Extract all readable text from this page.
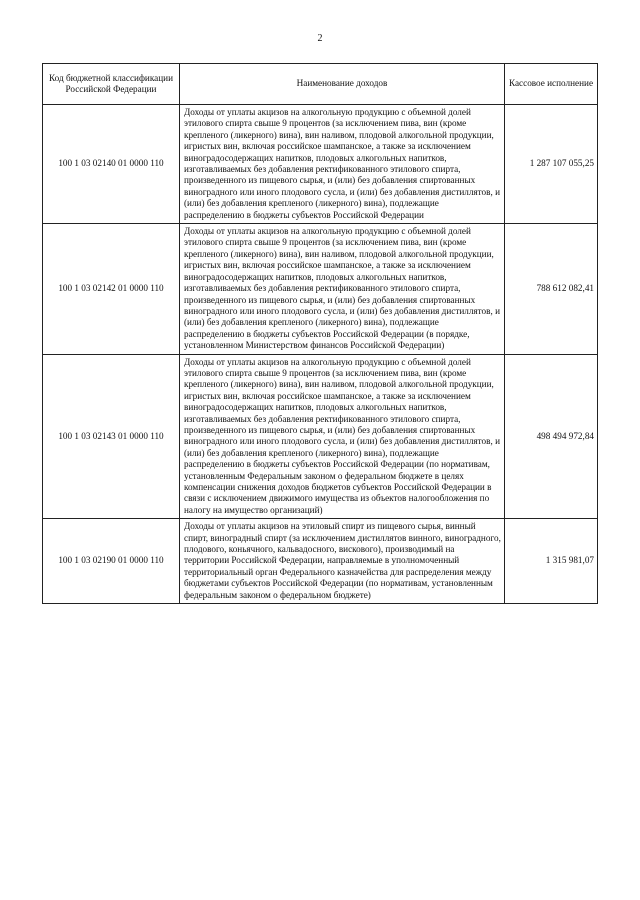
2
Код бюджетной классификации Российской Федерации	Наименование доходов	Кассовое исполнение
100 1 03 02140 01 0000 110	Доходы от уплаты акцизов на алкогольную продукцию с объемной долей этилового спирта свыше 9 процентов (за исключением пива, вин (кроме крепленого (ликерного) вина), вин наливом, плодовой алкогольной продукции, игристых вин, включая российское шампанское, а также за исключением виноградосодержащих напитков, плодовых алкогольных напитков, изготавливаемых без добавления ректификованного этилового спирта, произведенного из пищевого сырья, и (или) без добавления спиртованных виноградного или иного плодового сусла, и (или) без добавления дистиллятов, и (или) без добавления крепленого (ликерного) вина), подлежащие распределению в бюджеты субъектов Российской Федерации	1 287 107 055,25
100 1 03 02142 01 0000 110	Доходы от уплаты акцизов на алкогольную продукцию с объемной долей этилового спирта свыше 9 процентов (за исключением пива, вин (кроме крепленого (ликерного) вина), вин наливом, плодовой алкогольной продукции, игристых вин, включая российское шампанское, а также за исключением виноградосодержащих напитков, плодовых алкогольных напитков, изготавливаемых без добавления ректификованного этилового спирта, произведенного из пищевого сырья, и (или) без добавления спиртованных виноградного или иного плодового сусла, и (или) без добавления дистиллятов, и (или) без добавления крепленого (ликерного) вина), подлежащие распределению в бюджеты субъектов Российской Федерации (в порядке, установленном Министерством финансов Российской Федерации)	788 612 082,41
100 1 03 02143 01 0000 110	Доходы от уплаты акцизов на алкогольную продукцию с объемной долей этилового спирта свыше 9 процентов (за исключением пива, вин (кроме крепленого (ликерного) вина), вин наливом, плодовой алкогольной продукции, игристых вин, включая российское шампанское, а также за исключением виноградосодержащих напитков, плодовых алкогольных напитков, изготавливаемых без добавления ректификованного этилового спирта, произведенного из пищевого сырья, и (или) без добавления спиртованных виноградного или иного плодового сусла, и (или) без добавления дистиллятов, и (или) без добавления крепленого (ликерного) вина), подлежащие распределению в бюджеты субъектов Российской Федерации (по нормативам, установленным Федеральным законом о федеральном бюджете в целях компенсации снижения доходов бюджетов субъектов Российской Федерации в связи с исключением движимого имущества из объектов налогообложения по налогу на имущество организаций)	498 494 972,84
100 1 03 02190 01 0000 110	Доходы от уплаты акцизов на этиловый спирт из пищевого сырья, винный спирт, виноградный спирт (за исключением дистиллятов винного, виноградного, плодового, коньячного, кальвадосного, вискового), производимый на территории Российской Федерации, направляемые в уполномоченный территориальный орган Федерального казначейства для распределения между бюджетами субъектов Российской Федерации (по нормативам, установленным федеральным законом о федеральном бюджете)	1 315 981,07
